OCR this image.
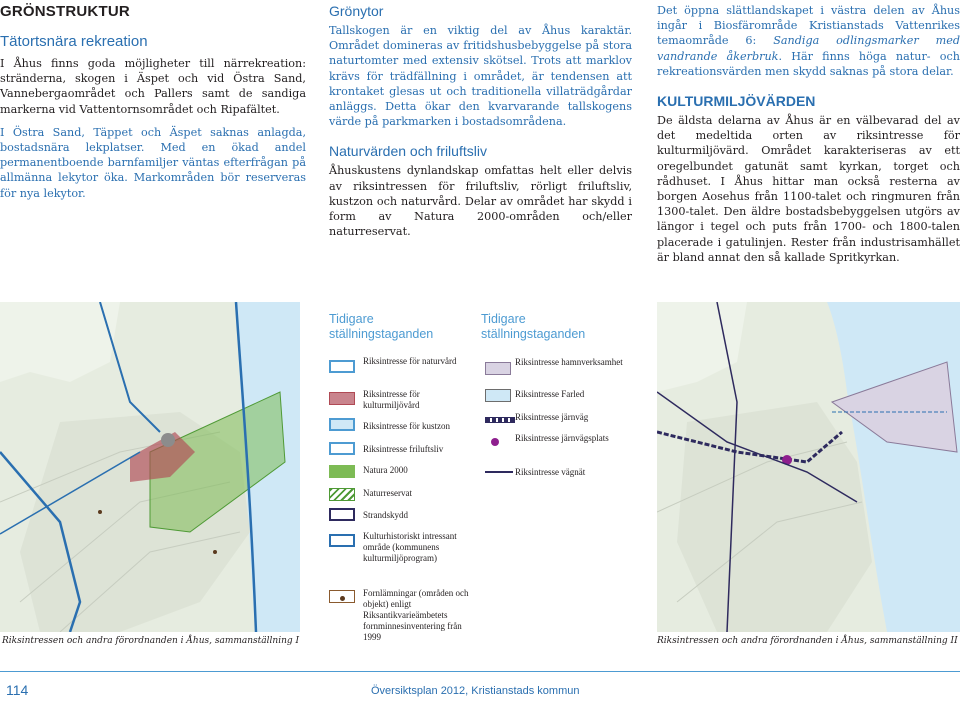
GRÖNSTRUKTUR
Tätortsnära rekreation

I Åhus finns goda möjligheter till närrekreation: stränderna, skogen i Äspet och vid Östra Sand, Vannebergaområdet och Pallers samt de sandiga markerna vid Vattentornsområdet och Ripafältet.

I Östra Sand, Täppet och Äspet saknas anlagda, bostadsnära lekplatser. Med en ökad andel permanentboende barnfamiljer väntas efterfrågan på allmänna lekytor öka. Markområden bör reserveras för nya lekytor.

Grönytor

Tallskogen är en viktig del av Åhus karaktär. Området domineras av fritidshusbebyggelse på stora naturtomter med extensiv skötsel. Trots att marklov krävs för trädfällning i området, är tendensen att krontaket glesas ut och traditionella villaträdgårdar anläggs. Detta ökar den kvarvarande tallskogens värde på parkmarken i bostadsområdena.

Naturvärden och friluftsliv

Åhuskustens dynlandskap omfattas helt eller delvis av riksintressen för friluftsliv, rörligt friluftsliv, kustzon och naturvård. Delar av området har skydd i form av Natura 2000-områden och/eller naturreservat.

Det öppna slättlandskapet i västra delen av Åhus ingår i Biosfärområde Kristianstads Vattenrikes temaområde 6: Sandiga odlingsmarker med vandrande åkerbruk. Här finns höga natur- och rekreationsvärden men skydd saknas på stora delar.

KULTURMILJÖVÄRDEN

De äldsta delarna av Åhus är en välbevarad del av det medeltida orten av riksintresse för kulturmiljövärd. Området karakteriseras av ett oregelbundet gatunät samt kyrkan, torget och rådhuset. I Åhus hittar man också resterna av borgen Aosehus från 1100-talet och ringmuren från 1300-talet. Den äldre bostadsbebyggelsen utgörs av längor i tegel och puts från 1700- och 1800-talen placerade i gatulinjen. Rester från industrisamhället är bland annat den så kallade Spritkyrkan.

Riksintressen och andra förordnanden i Åhus, sammanställning I
Tidigare ställningstaganden
Riksintresse för naturvård
Riksintresse för kulturmiljövård
Riksintresse för kustzon
Riksintresse friluftsliv
Natura 2000
Naturreservat
Strandskydd
Kulturhistoriskt intressant område (kommunens kulturmiljöprogram)
Fornlämningar (områden och objekt) enligt Riksantikvarieämbetets fornminnesinventering från 1999
Tidigare ställningstaganden
Riksintresse hamnverksamhet
Riksintresse Farled
Riksintresse järnväg
Riksintresse järnvägsplats
Riksintresse vägnät
Riksintressen och andra förordnanden i Åhus, sammanställning II
114	Översiktsplan 2012, Kristianstads kommun
